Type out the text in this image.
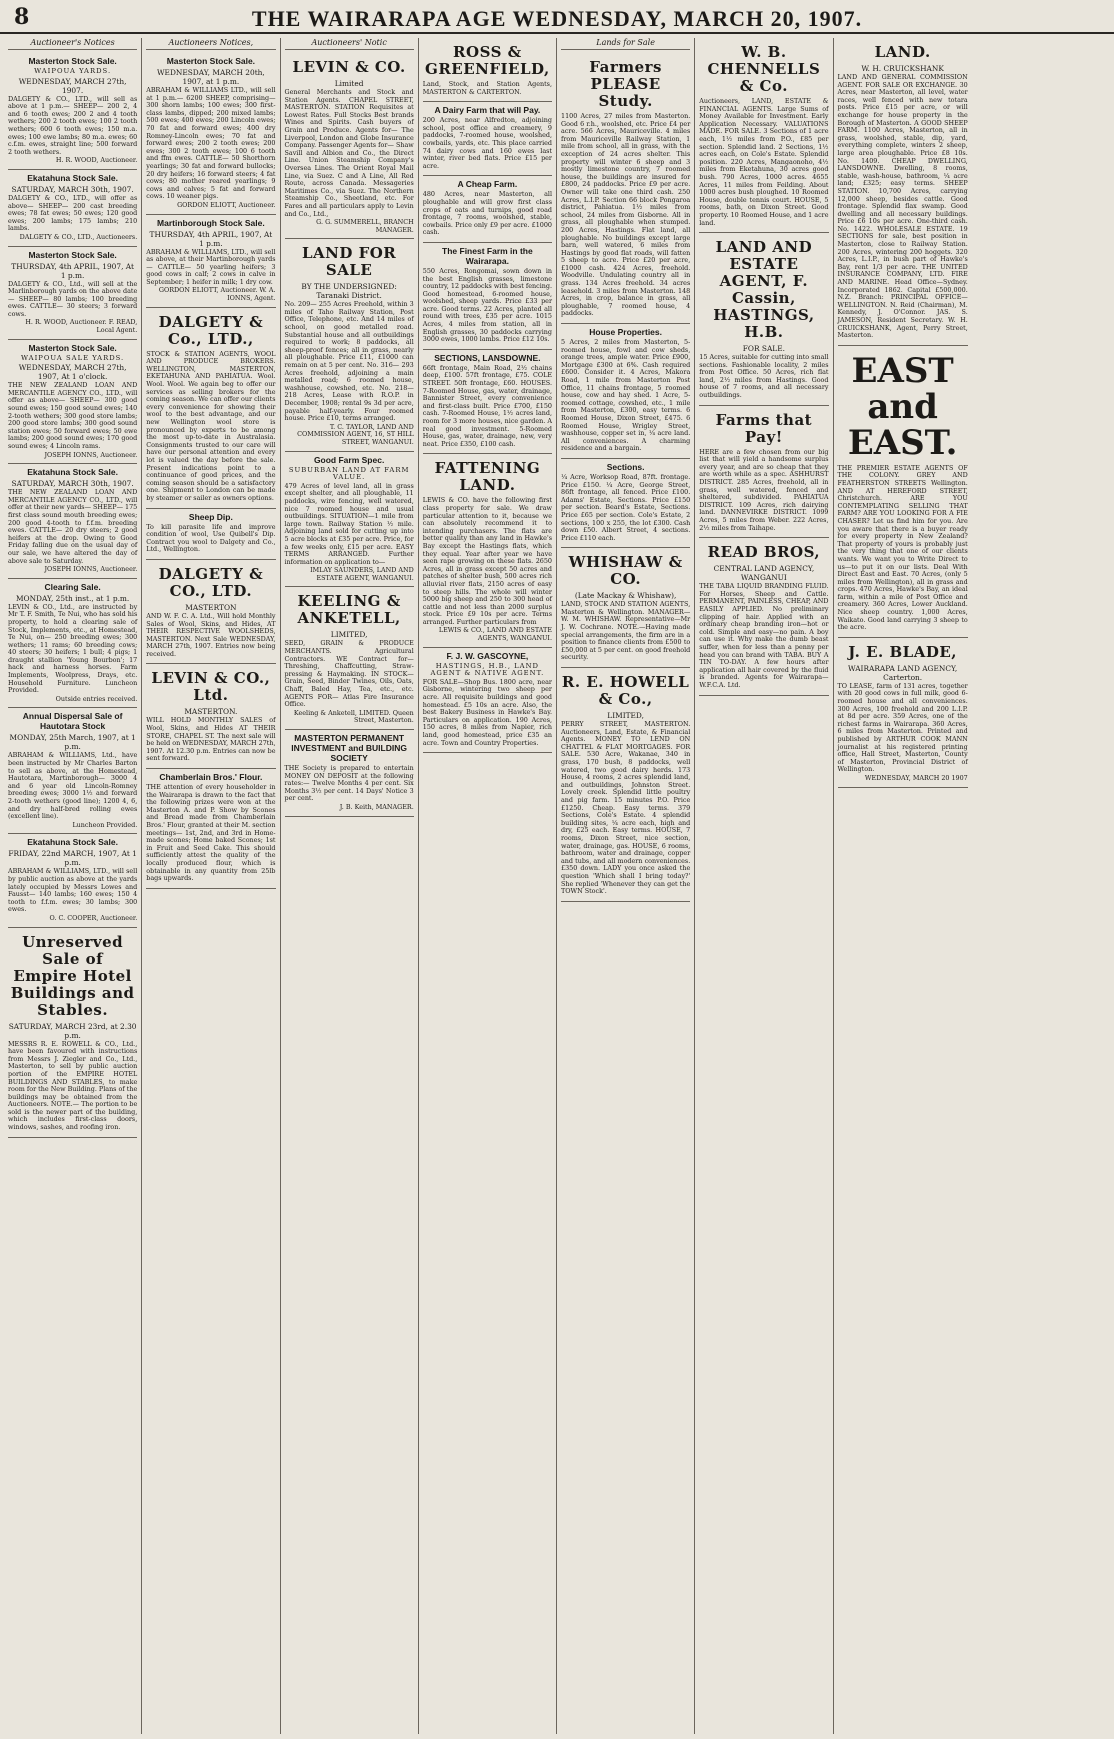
8	THE WAIRARAPA AGE WEDNESDAY, MARCH 20, 1907.
Auctioneer's Notices
Masterton Stock Sale.
WAIPOUA YARDS.
WEDNESDAY, MARCH 27th, 1907.

DALGETY & CO., LTD., will sell as above at 1 p.m.— SHEEP— 200 2, 4 and 6 tooth ewes; 200 2 and 4 tooth wethers; 200 2 tooth ewes; 100 2 tooth wethers; 600 6 tooth ewes; 150 m.a. ewes; 100 ewe lambs; 80 m.a. ewes; 60 c.f.m. ewes, straight line; 500 forward 2 tooth wethers.

H. R. WOOD, Auctioneer.
Ekatahuna Stock Sale.
SATURDAY, MARCH 30th, 1907.

DALGETY & CO., LTD., will offer as above— SHEEP— 200 cast breeding ewes; 78 fat ewes; 50 ewes; 120 good ewes; 200 lambs; 175 lambs; 210 lambs.

DALGETY & CO., LTD., Auctioneers.
Masterton Stock Sale.
THURSDAY, 4th APRIL, 1907, At 1 p.m.

DALGETY & CO., Ltd., will sell at the Marlinborough yards on the above date— SHEEP— 80 lambs; 100 breeding ewes. CATTLE— 30 steers; 3 forward cows.

H. R. WOOD, Auctioneer. F. READ, Local Agent.
Masterton Stock Sale.
WAIPOUA SALE YARDS.
WEDNESDAY, MARCH 27th, 1907, At 1 o'clock.

THE NEW ZEALAND LOAN AND MERCANTILE AGENCY CO., LTD., will offer as above— SHEEP— 300 good sound ewes; 150 good sound ewes; 140 2-tooth wethers; 300 good store lambs; 200 good store lambs; 300 good sound station ewes; 50 forward ewes; 50 ewe lambs; 200 good sound ewes; 170 good sound ewes; 4 Lincoln rams.

JOSEPH IONNS, Auctioneer.
Ekatahuna Stock Sale.
SATURDAY, MARCH 30th, 1907.

THE NEW ZEALAND LOAN AND MERCANTILE AGENCY CO., LTD., will offer at their new yards— SHEEP— 175 first class sound mouth breeding ewes; 200 good 4-tooth to f.f.m. breeding ewes. CATTLE— 20 dry steers; 2 good heifers at the drop. Owing to Good Friday falling due on the usual day of our sale, we have altered the day of above sale to Saturday.

JOSEPH IONNS, Auctioneer.
Clearing Sale.
MONDAY, 25th inst., at 1 p.m.

LEVIN & CO., Ltd., are instructed by Mr T. F. Smith, Te Nui, who has sold his property, to hold a clearing sale of Stock, Implements, etc., at Homestead, Te Nui, on— 250 breeding ewes; 300 wethers; 11 rams; 60 breeding cows; 40 steers; 30 heifers; 1 bull; 4 pigs; 1 draught stallion 'Young Bourbon'; 17 hack and harness horses. Farm Implements, Woolpress, Drays, etc. Household Furniture. Luncheon Provided.

Outside entries received.
Annual Dispersal Sale of Hautotara Stock
MONDAY, 25th March, 1907, at 1 p.m.

ABRAHAM & WILLIAMS, Ltd., have been instructed by Mr Charles Barton to sell as above, at the Homestead, Hautotara, Martinborough— 3000 4 and 6 year old Lincoln-Romney breeding ewes; 3000 1½ and forward 2-tooth wethers (good line); 1200 4, 6, and dry half-bred rolling ewes (excellent line).

Luncheon Provided.
Ekatahuna Stock Sale.
FRIDAY, 22nd MARCH, 1907, At 1 p.m.

ABRAHAM & WILLIAMS, LTD., will sell by public auction as above at the yards lately occupied by Messrs Lowes and Fausst— 140 lambs; 160 ewes; 150 4 tooth to f.f.m. ewes; 30 lambs; 300 ewes.

O. C. COOPER, Auctioneer.
Unreserved Sale of Empire Hotel Buildings and Stables.
SATURDAY, MARCH 23rd, at 2.30 p.m.

MESSRS R. E. ROWELL & CO., Ltd., have been favoured with instructions from Messrs J. Ziegler and Co., Ltd., Masterton, to sell by public auction portion of the EMPIRE HOTEL BUILDINGS AND STABLES, to make room for the New Building. Plans of the buildings may be obtained from the Auctioneers. NOTE.— The portion to be sold is the newer part of the building, which includes first-class doors, windows, sashes, and roofing iron.

Auctioneers Notices,
Masterton Stock Sale.
WEDNESDAY, MARCH 20th, 1907, at 1 p.m.

ABRAHAM & WILLIAMS LTD., will sell at 1 p.m.— 6200 SHEEP, comprising— 300 shorn lambs; 100 ewes; 300 first-class lambs, dipped; 200 mixed lambs; 500 ewes; 400 ewes; 200 Lincoln ewes; 70 fat and forward ewes; 400 dry Romney-Lincoln ewes; 70 fat and forward ewes; 200 2 tooth ewes; 200 ewes; 300 2 tooth ewes; 100 6 tooth and ffm ewes. CATTLE— 50 Shorthorn yearlings; 30 fat and forward bullocks; 20 dry heifers; 16 forward steers; 4 fat cows; 80 mother reared yearlings; 9 cows and calves; 5 fat and forward cows. 10 weaner pigs.

GORDON ELIOTT, Auctioneer.
Martinborough Stock Sale.
THURSDAY, 4th APRIL, 1907, At 1 p.m.

ABRAHAM & WILLIAMS, LTD., will sell as above, at their Martinborough yards— CATTLE— 50 yearling heifers; 3 good cows in calf; 2 cows in calve in September; 1 heifer in milk; 1 dry cow.

GORDON ELIOTT, Auctioneer. W. A. IONNS, Agent.
DALGETY & Co., LTD.,

STOCK & STATION AGENTS, WOOL AND PRODUCE BROKERS. WELLINGTON, MASTERTON, EKETAHUNA AND PAHIATUA. Wool. Wool. Wool. We again beg to offer our services as selling brokers for the coming season. We can offer our clients every convenience for showing their wool to the best advantage, and our new Wellington wool store is pronounced by experts to be among the most up-to-date in Australasia. Consignments trusted to our care will have our personal attention and every lot is valued the day before the sale. Present indications point to a continuance of good prices, and the coming season should be a satisfactory one. Shipment to London can be made by steamer or sailer as owners options.

Sheep Dip.

To kill parasite life and improve condition of wool, Use Quibell's Dip. Contract you wool to Dalgety and Co., Ltd., Wellington.

DALGETY & CO., LTD.
MASTERTON

AND W. F. C. A. Ltd., Will hold Monthly Sales of Wool, Skins, and Hides, AT THEIR RESPECTIVE WOOLSHEDS, MASTERTON. Next Sale WEDNESDAY, MARCH 27th, 1907. Entries now being received.

LEVIN & CO., Ltd.
MASTERTON.

WILL HOLD MONTHLY SALES of Wool, Skins, and Hides AT THEIR STORE, CHAPEL ST. The next sale will be held on WEDNESDAY, MARCH 27th, 1907. At 12.30 p.m. Entries can now be sent forward.

Chamberlain Bros.' Flour.

THE attention of every householder in the Wairarapa is drawn to the fact that the following prizes were won at the Masterton A. and P. Show by Scones and Bread made from Chamberlain Bros.' Flour, granted at their M. section meetings— 1st, 2nd, and 3rd in Home-made scones; Home baked Scones; 1st in Fruit and Seed Cake. This should sufficiently attest the quality of the locally produced flour, which is obtainable in any quantity from 25lb bags upwards.

Auctioneers' Notic
LEVIN & CO.
Limited

General Merchants and Stock and Station Agents. CHAPEL STREET, MASTERTON. STATION Requisites at Lowest Rates. Full Stocks Best brands Wines and Spirits. Cash buyers of Grain and Produce. Agents for— The Liverpool, London and Globe Insurance Company. Passenger Agents for— Shaw Savill and Albion and Co., the Direct Line. Union Steamship Company's Oversea Lines. The Orient Royal Mail Line, via Suez. C and A Line, All Red Route, across Canada. Messageries Maritimes Co., via Suez. The Northern Steamship Co., Sheetland, etc. For Fares and all particulars apply to Levin and Co., Ltd.,

G. G. SUMMERELL, BRANCH MANAGER.
LAND FOR SALE
BY THE UNDERSIGNED: Taranaki District.

No. 209— 255 Acres Freehold, within 3 miles of Taho Railway Station, Post Office, Telephone, etc. And 14 miles of school, on good metalled road. Substantial house and all outbuildings required to work; 8 paddocks, all sheep-proof fences; all in grass, nearly all ploughable. Price £11, £1000 can remain on at 5 per cent. No. 316— 293 Acres freehold, adjoining a main metalled road; 6 roomed house, washhouse, cowshed, etc. No. 218— 218 Acres, Lease with R.O.P. in December, 1908; rental 9s 3d per acre, payable half-yearly. Four roomed house. Price £10, terms arranged.

T. C. TAYLOR, LAND AND COMMISSION AGENT, 16, ST HILL STREET, WANGANUI.
Good Farm Spec.
SUBURBAN LAND AT FARM VALUE.

479 Acres of level land, all in grass except shelter, and all ploughable, 11 paddocks, wire fencing, well watered, nice 7 roomed house and usual outbuildings. SITUATION—1 mile from large town. Railway Station ½ mile. Adjoining land sold for cutting up into 5 acre blocks at £35 per acre. Price, for a few weeks only, £15 per acre. EASY TERMS ARRANGED. Further information on application to—

IMLAY SAUNDERS, LAND AND ESTATE AGENT, WANGANUI.
KEELING & ANKETELL,
LIMITED,

SEED, GRAIN & PRODUCE MERCHANTS. Agricultural Contractors. WE Contract for— Threshing, Chaffcutting, Straw-pressing & Haymaking. IN STOCK— Grain, Seed, Binder Twines, Oils, Oats, Chaff, Baled Hay, Tea, etc., etc. AGENTS FOR— Atlas Fire Insurance Office.

Keeling & Anketell, LIMITED. Queen Street, Masterton.
MASTERTON PERMANENT INVESTMENT and BUILDING SOCIETY

THE Society is prepared to entertain MONEY ON DEPOSIT at the following rates:— Twelve Months 4 per cent. Six Months 3½ per cent. 14 Days' Notice 3 per cent.

J. B. Keith, MANAGER.
ROSS & GREENFIELD,

Land, Stock, and Station Agents, MASTERTON & CARTERTON.

A Dairy Farm that will Pay.

200 Acres, near Alfredton, adjoining school, post office and creamery, 9 paddocks, 7-roomed house, woolshed, cowbails, yards, etc. This place carried 74 dairy cows and 160 ewes last winter, river bed flats. Price £15 per acre.

A Cheap Farm.

480 Acres, near Masterton, all ploughable and will grow first class crops of oats and turnips, good road frontage, 7 rooms, woolshed, stable, cowbails. Price only £9 per acre. £1000 cash.

The Finest Farm in the Wairarapa.

550 Acres, Rongomai, sown down in the best English grasses, limestone country, 12 paddocks with best fencing. Good homestead, 6-roomed house, woolshed, sheep yards. Price £33 per acre. Good terms. 22 Acres, planted all round with trees, £35 per acre. 1015 Acres, 4 miles from station, all in English grasses, 30 paddocks carrying 3000 ewes, 1000 lambs. Price £12 10s.

SECTIONS, LANSDOWNE.

66ft frontage, Main Road, 2½ chains deep, £100. 57ft frontage, £75. COLE STREET. 50ft frontage, £60. HOUSES. 7-Roomed House, gas, water, drainage, Bannister Street, every convenience and first-class built. Price £700, £150 cash. 7-Roomed House, 1½ acres land, room for 3 more houses, nice garden. A real good investment. 5-Roomed House, gas, water, drainage, new, very neat. Price £350, £100 cash.

FATTENING LAND.

LEWIS & CO. have the following first class property for sale. We draw particular attention to it, because we can absolutely recommend it to intending purchasers. The flats are better quality than any land in Hawke's Bay except the Hastings flats, which they equal. Year after year we have seen rape growing on these flats. 2650 Acres, all in grass except 50 acres and patches of shelter bush, 500 acres rich alluvial river flats, 2150 acres of easy to steep hills. The whole will winter 5000 big sheep and 250 to 300 head of cattle and not less than 2000 surplus stock. Price £9 10s per acre. Terms arranged. Further particulars from

LEWIS & CO., LAND AND ESTATE AGENTS, WANGANUI.
F. J. W. GASCOYNE,
HASTINGS, H.B., LAND AGENT & NATIVE AGENT.

FOR SALE—Shop Bus. 1800 acre, near Gisborne, wintering two sheep per acre. All requisite buildings and good homestead. £5 10s an acre. Also, the best Bakery Business in Hawke's Bay. Particulars on application. 190 Acres, 150 acres, 8 miles from Napier, rich land, good homestead, price £35 an acre. Town and Country Properties.

Lands for Sale
Farmers PLEASE Study.

1100 Acres, 27 miles from Masterton. Good 6 r.h., woolshed, etc. Price £4 per acre. 566 Acres, Mauriceville. 4 miles from Mauriceville Railway Station, 1 mile from school, all in grass, with the exception of 24 acres shelter. This property will winter 6 sheep and 3 mostly limestone country, 7 roomed house, the buildings are insured for £800, 24 paddocks. Price £9 per acre. Owner will take one third cash. 250 Acres, L.I.P. Section 66 block Pongaroa district, Pahiatua. 1½ miles from school, 24 miles from Gisborne. All in grass, all ploughable when stumped. 200 Acres, Hastings. Flat land, all ploughable. No buildings except large barn, well watered, 6 miles from Hastings by good flat roads, will fatten 5 sheep to acre. Price £20 per acre, £1000 cash. 424 Acres, freehold. Woodville. Undulating country all in grass. 134 Acres freehold. 34 acres leasehold. 3 miles from Masterton. 148 Acres, in crop, balance in grass, all ploughable, 7 roomed house, 4 paddocks.

House Properties.

5 Acres, 2 miles from Masterton, 5-roomed house, fowl and cow sheds, orange trees, ample water. Price £900, Mortgage £300 at 6%. Cash required £600. Consider it. 4 Acres, Makora Road, 1 mile from Masterton Post Office, 11 chains frontage, 5 roomed house, cow and hay shed. 1 Acre, 5-roomed cottage, cowshed, etc., 1 mile from Masterton, £300, easy terms. 6 Roomed House, Dixon Street, £475. 6 Roomed House, Wrigley Street, washhouse, copper set in, ¼ acre land. All conveniences. A charming residence and a bargain.

Sections.

¼ Acre, Worksop Road, 87ft. frontage. Price £150. ¼ Acre, George Street, 86ft frontage, all fenced. Price £100. Adams' Estate, Sections. Price £150 per section. Beard's Estate, Sections. Price £65 per section. Cole's Estate, 2 sections, 100 x 255, the lot £300. Cash down £50. Albert Street, 4 sections. Price £110 each.

WHISHAW & CO.
(Late Mackay & Whishaw),

LAND, STOCK AND STATION AGENTS, Masterton & Wellington. MANAGER—W. M. WHISHAW. Representative—Mr J. W. Cochrane. NOTE.—Having made special arrangements, the firm are in a position to finance clients from £500 to £50,000 at 5 per cent. on good freehold security.

R. E. HOWELL & Co.,
LIMITED,

PERRY STREET, MASTERTON. Auctioneers, Land, Estate, & Financial Agents. MONEY TO LEND ON CHATTEL & FLAT MORTGAGES. FOR SALE. 530 Acre, Wakanae, 340 in grass, 170 bush, 8 paddocks, well watered, two good dairy herds. 173 House, 4 rooms, 2 acres splendid land, and outbuildings, Johnston Street. Lovely creek. Splendid little poultry and pig farm. 15 minutes P.O. Price £1250. Cheap. Easy terms. 379 Sections, Cole's Estate. 4 splendid building sites, ¼ acre each, high and dry, £25 each. Easy terms. HOUSE, 7 rooms, Dixon Street, nice section, water, drainage, gas. HOUSE, 6 rooms, bathroom, water and drainage, copper and tubs, and all modern conveniences. £350 down. LADY you once asked the question 'Which shall I bring today?' She replied 'Whenever they can get the TOWN Stock'.

W. B. CHENNELLS & Co.

Auctioneers, LAND, ESTATE & FINANCIAL AGENTS. Large Sums of Money Available for Investment. Early Application Necessary. VALUATIONS MADE. FOR SALE. 3 Sections of 1 acre each, 1½ miles from P.O., £85 per section. Splendid land. 2 Sections, 1½ acres each, on Cole's Estate. Splendid position. 220 Acres, Mangaonoho, 4½ miles from Eketahuna, 30 acres good bush. 790 Acres, 1000 acres. 4655 Acres, 11 miles from Feilding. About 1000 acres bush ploughed. 10 Roomed House, double tennis court. HOUSE, 5 rooms, bath, on Dixon Street. Good property. 10 Roomed House, and 1 acre land.

LAND AND ESTATE AGENT, F. Cassin, HASTINGS, H.B.
FOR SALE.

15 Acres, suitable for cutting into small sections. Fashionable locality, 2 miles from Post Office. 50 Acres, rich flat land, 2½ miles from Hastings. Good house of 7 rooms, and all necessary outbuildings.

Farms that Pay!

HERE are a few chosen from our big list that will yield a handsome surplus every year, and are so cheap that they are worth while as a spec. ASHHURST DISTRICT. 285 Acres, freehold, all in grass, well watered, fenced and sheltered, subdivided. PAHIATUA DISTRICT. 109 Acres, rich dairying land. DANNEVIRKE DISTRICT. 1099 Acres, 5 miles from Weber. 222 Acres, 2½ miles from Taihape.

READ BROS,
CENTRAL LAND AGENCY, WANGANUI

THE TABA LIQUID BRANDING FLUID. For Horses, Sheep and Cattle. PERMANENT, PAINLESS, CHEAP, AND EASILY APPLIED. No preliminary clipping of hair. Applied with an ordinary cheap branding iron—hot or cold. Simple and easy—no pain. A boy can use it. Why make the dumb beast suffer, when for less than a penny per head you can brand with TABA. BUY A TIN TO-DAY. A few hours after application all hair covered by the fluid is branded. Agents for Wairarapa—W.F.C.A. Ltd.

LAND.
W. H. CRUICKSHANK

LAND AND GENERAL COMMISSION AGENT. FOR SALE OR EXCHANGE. 30 Acres, near Masterton, all level, water races, well fenced with new totara posts. Price £15 per acre, or will exchange for house property in the Borough of Masterton. A GOOD SHEEP FARM. 1100 Acres, Masterton, all in grass, woolshed, stable, dip, yard, everything complete, winters 2 sheep, large area ploughable. Price £8 10s. No. 1409. CHEAP DWELLING, LANSDOWNE. Dwelling, 8 rooms, stable, wash-house, bathroom, ¼ acre land; £325; easy terms. SHEEP STATION. 10,700 Acres, carrying 12,000 sheep, besides cattle. Good frontage. Splendid flax swamp. Good dwelling and all necessary buildings. Price £6 10s per acre. One-third cash. No. 1422. WHOLESALE ESTATE. 19 SECTIONS for sale, best position in Masterton, close to Railway Station. 200 Acres, wintering 200 hoggets. 320 Acres, L.I.P., in bush part of Hawke's Bay, rent 1/3 per acre. THE UNITED INSURANCE COMPANY, LTD. FIRE AND MARINE. Head Office—Sydney. Incorporated 1862. Capital £500,000. N.Z. Branch: PRINCIPAL OFFICE—WELLINGTON. N. Reid (Chairman), M. Kennedy, J. O'Connor. JAS. S. JAMESON, Resident Secretary. W. H. CRUICKSHANK, Agent, Perry Street, Masterton.

EAST and EAST.

THE PREMIER ESTATE AGENTS OF THE COLONY. GREY AND FEATHERSTON STREETS Wellington. AND AT HEREFORD STREET, Christchurch. ARE YOU CONTEMPLATING SELLING THAT FARM? ARE YOU LOOKING FOR A FIE CHASER? Let us find him for you. Are you aware that there is a buyer ready for every property in New Zealand? That property of yours is probably just the very thing that one of our clients wants. We want you to Write Direct to us—to put it on our lists. Deal With Direct East and East. 70 Acres, (only 5 miles from Wellington), all in grass and crops. 470 Acres, Hawke's Bay, an ideal farm, within a mile of Post Office and creamery. 360 Acres, Lower Auckland. Nice sheep country. 1,000 Acres, Waikato. Good land carrying 3 sheep to the acre.

J. E. BLADE,
WAIRARAPA LAND AGENCY, Carterton.

TO LEASE, farm of 131 acres, together with 20 good cows in full milk, good 6-roomed house and all conveniences. 300 Acres, 100 freehold and 200 L.I.P. at 8d per acre. 359 Acres, one of the richest farms in Wairarapa. 360 Acres, 6 miles from Masterton. Printed and published by ARTHUR COOK MANN journalist at his registered printing office, Hall Street, Masterton, County of Masterton, Provincial District of Wellington.

WEDNESDAY, MARCH 20 1907
